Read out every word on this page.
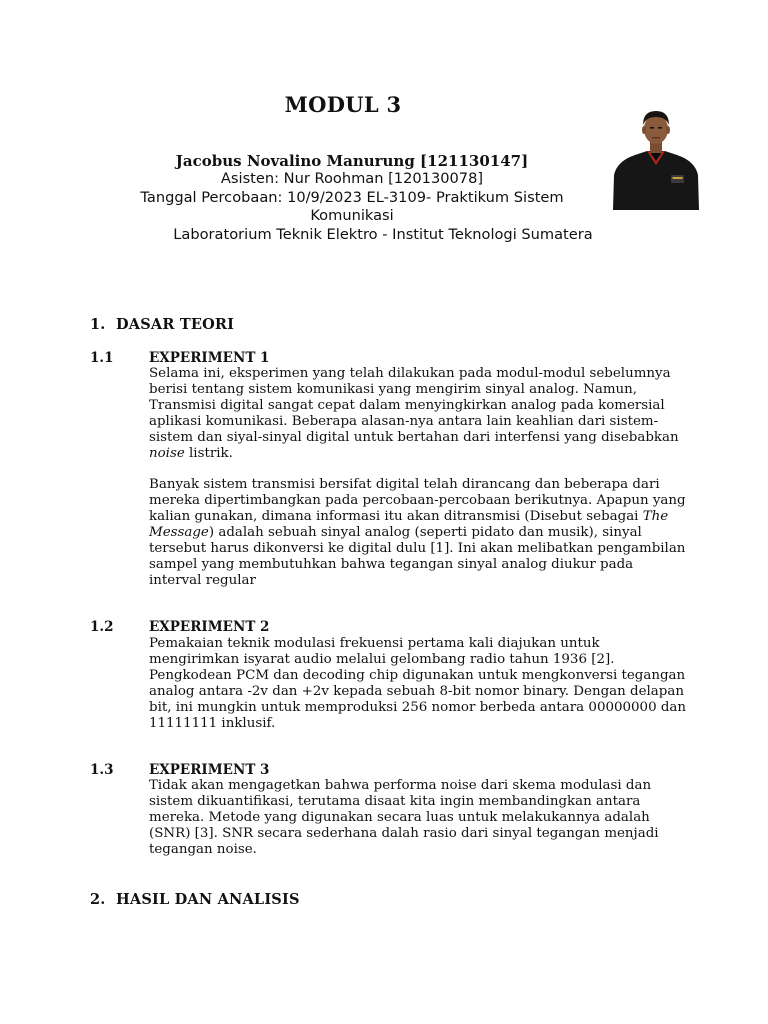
MODUL 3
Jacobus Novalino Manurung [121130147]
Asisten: Nur Roohman [120130078]
Tanggal Percobaan: 10/9/2023 EL-3109- Praktikum Sistem
Komunikasi
Laboratorium Teknik Elektro - Institut Teknologi Sumatera
1. DASAR TEORI
1.1	EXPERIMENT 1

Selama ini, eksperimen yang telah dilakukan pada modul-modul sebelumnya berisi tentang sistem komunikasi yang mengirim sinyal analog. Namun, Transmisi digital sangat cepat dalam menyingkirkan analog pada komersial aplikasi komunikasi. Beberapa alasan-nya antara lain keahlian dari sistem-sistem dan siyal-sinyal digital untuk bertahan dari interfensi yang disebabkan noise listrik.

Banyak sistem transmisi bersifat digital telah dirancang dan beberapa dari mereka dipertimbangkan pada percobaan-percobaan berikutnya. Apapun yang kalian gunakan, dimana informasi itu akan ditransmisi (Disebut sebagai The Message) adalah sebuah sinyal analog (seperti pidato dan musik), sinyal tersebut harus dikonversi ke digital dulu [1]. Ini akan melibatkan pengambilan sampel yang membutuhkan bahwa tegangan sinyal analog diukur pada interval regular

1.2	EXPERIMENT 2

Pemakaian teknik modulasi frekuensi pertama kali diajukan untuk mengirimkan isyarat audio melalui gelombang radio tahun 1936 [2]. Pengkodean PCM dan decoding chip digunakan untuk mengkonversi tegangan analog antara -2v dan +2v kepada sebuah 8-bit nomor binary. Dengan delapan bit, ini mungkin untuk memproduksi 256 nomor berbeda antara 00000000 dan 11111111 inklusif.

1.3	EXPERIMENT 3

Tidak akan mengagetkan bahwa performa noise dari skema modulasi dan sistem dikuantifikasi, terutama disaat kita ingin membandingkan antara mereka. Metode yang digunakan secara luas untuk melakukannya adalah (SNR) [3]. SNR secara sederhana dalah rasio dari sinyal tegangan menjadi tegangan noise.

2. HASIL DAN ANALISIS
